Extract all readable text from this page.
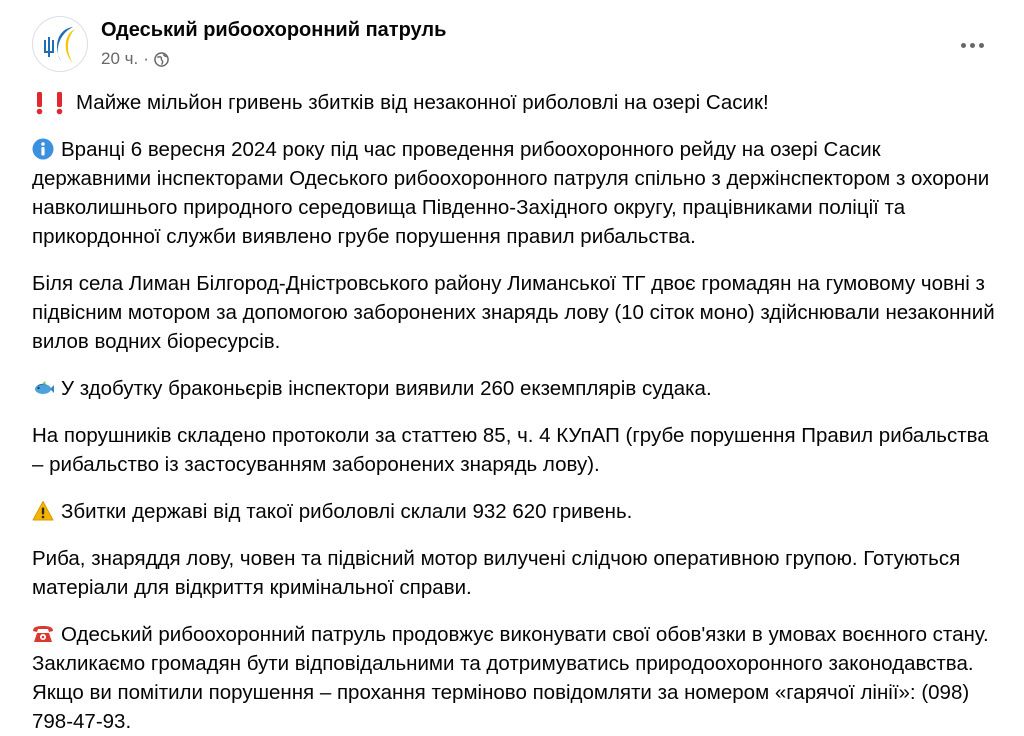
Одеський рибоохоронний патруль
20 ч. ·

Майже мільйон гривень збитків від незаконної риболовлі на озері Сасик!

Вранці 6 вересня 2024 року під час проведення рибоохоронного рейду на озері Сасик державними інспекторами Одеського рибоохоронного патруля спільно з держінспектором з охорони навколишнього природного середовища Південно-Західного округу, працівниками поліції та прикордонної служби виявлено грубе порушення правил рибальства.

Біля села Лиман Білгород-Дністровського району Лиманської ТГ двоє громадян на гумовому човні з підвісним мотором за допомогою заборонених знарядь лову (10 сіток моно) здійснювали незаконний вилов водних біоресурсів.

У здобутку браконьєрів інспектори виявили 260 екземплярів судака.

На порушників складено протоколи за статтею 85, ч. 4 КУпАП (грубе порушення Правил рибальства – рибальство із застосуванням заборонених знарядь лову).

Збитки державі від такої риболовлі склали 932 620 гривень.

Риба, знаряддя лову, човен та підвісний мотор вилучені слідчою оперативною групою. Готуються матеріали для відкриття кримінальної справи.

Одеський рибоохоронний патруль продовжує виконувати свої обов'язки в умовах воєнного стану. Закликаємо громадян бути відповідальними та дотримуватись природоохоронного законодавства. Якщо ви помітили порушення – прохання терміново повідомляти за номером «гарячої лінії»: (098) 798-47-93.
